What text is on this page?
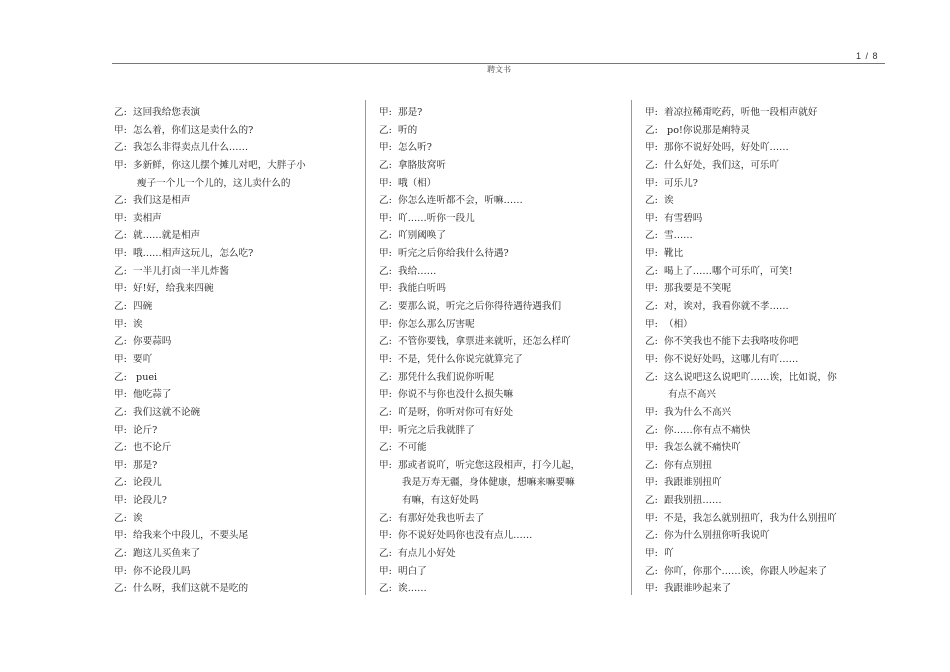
1 / 8
聘文书
乙: 这回我给您表演
甲: 怎么着，你们这是卖什么的?
乙: 我怎么非得卖点儿什么……
甲: 多新鲜，你这儿摆个摊儿对吧，大胖子小
瘦子一个儿一个儿的，这儿卖什么的
乙: 我们这是相声
甲: 卖相声
乙: 就……就是相声
甲: 哦……相声这玩儿，怎么吃?
乙: 一半儿打卤一半儿炸酱
甲: 好!好，给我来四碗
乙: 四碗
甲: 诶
乙: 你要蒜吗
甲: 要吖
乙: puei
甲: 他吃蒜了
乙: 我们这就不论碗
甲: 论斤?
乙: 也不论斤
甲: 那是?
乙: 论段儿
甲: 论段儿?
乙: 诶
甲: 给我来个中段儿，不要头尾
乙: 跑这儿买鱼来了
甲: 你不论段儿吗
乙: 什么呀，我们这就不是吃的
甲: 那是?
乙: 听的
甲: 怎么听?
乙: 拿胳肢窝听
甲: 哦（相）
乙: 你怎么连听都不会，听嘛……
甲: 吖……听你一段儿
乙: 吖别阈唤了
甲: 听完之后你给我什么待遇?
乙: 我给……
甲: 我能白听吗
乙: 要那么说，听完之后你得待遇待遇我们
甲: 你怎么那么厉害呢
乙: 不管你要钱，拿票进来就听，还怎么样吖
甲: 不是，凭什么你说完就算完了
乙: 那凭什么我们说你听呢
甲: 你说不与你也没什么损失嘛
乙: 吖是呀，你听对你可有好处
甲: 听完之后我就胖了
乙: 不可能
甲: 那或者说吖，听完您这段相声，打今儿起，
我是万寿无疆，身体健康，想嘛来嘛要嘛
有嘛，有这好处吗
乙: 有那好处我也听去了
甲: 你不说好处吗你也没有点儿……
乙: 有点儿小好处
甲: 明白了
乙: 诶……
甲: 着凉拉稀甭吃药，听他一段相声就好
乙: po!你说那是痢特灵
甲: 那你不说好处吗，好处吖……
乙: 什么好处，我们这，可乐吖
甲: 可乐儿?
乙: 诶
甲: 有雪碧吗
乙: 雪……
甲: 靴比
乙: 喝上了……哪个可乐吖，可笑!
甲: 那我要是不笑呢
乙: 对，诶对，我看你就不孝……
甲: （相）
乙: 你不笑我也不能下去我咯吱你吧
甲: 你不说好处吗，这哪儿有吖……
乙: 这么说吧这么说吧吖……诶，比如说，你
有点不高兴
甲: 我为什么不高兴
乙: 你……你有点不痛快
甲: 我怎么就不痛快吖
乙: 你有点别扭
甲: 我跟谁别扭吖
乙: 跟我别扭……
甲: 不是，我怎么就别扭吖，我为什么别扭吖
乙: 你为什么别扭你听我说吖
甲: 吖
乙: 你吖，你那个……诶，你跟人吵起来了
甲: 我跟谁吵起来了
